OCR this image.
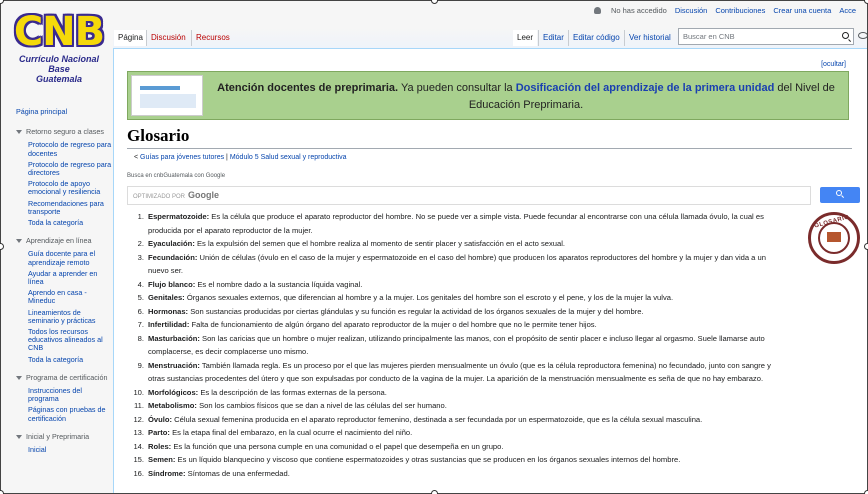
No has accedido Discusión Contribuciones Crear una cuenta Acce
CNB
Currículo Nacional Base
Guatemala
Página principal
Retorno seguro a clases
Protocolo de regreso para docentes
Protocolo de regreso para directores
Protocolo de apoyo emocional y resiliencia
Recomendaciones para transporte
Toda la categoría
Aprendizaje en línea
Guía docente para el aprendizaje remoto
Ayudar a aprender en línea
Aprendo en casa - Mineduc
Lineamientos de seminario y prácticas
Todos los recursos educativos alineados al CNB
Toda la categoría
Programa de certificación
Instrucciones del programa
Páginas con pruebas de certificación
Inicial y Preprimaria
Inicial
Página	Discusión	Recursos	Leer	Editar	Editar código	Ver historial	Buscar en CNB
[ocultar]
Atención docentes de preprimaria. Ya pueden consultar la Dosificación del aprendizaje de la primera unidad del Nivel de Educación Preprimaria.
Glosario
< Guías para jóvenes tutores | Módulo 5 Salud sexual y reproductiva
Busca en cnbGuatemala con Google
OPTIMIZADO POR Google
GLOSARIO
1. Espermatozoide: Es la célula que produce el aparato reproductor del hombre. No se puede ver a simple vista. Puede fecundar al encontrarse con una célula llamada óvulo, la cual es producida por el aparato reproductor de la mujer.
2. Eyaculación: Es la expulsión del semen que el hombre realiza al momento de sentir placer y satisfacción en el acto sexual.
3. Fecundación: Unión de células (óvulo en el caso de la mujer y espermatozoide en el caso del hombre) que producen los aparatos reproductores del hombre y la mujer y dan vida a un nuevo ser.
4. Flujo blanco: Es el nombre dado a la sustancia líquida vaginal.
5. Genitales: Órganos sexuales externos, que diferencian al hombre y a la mujer. Los genitales del hombre son el escroto y el pene, y los de la mujer la vulva.
6. Hormonas: Son sustancias producidas por ciertas glándulas y su función es regular la actividad de los órganos sexuales de la mujer y del hombre.
7. Infertilidad: Falta de funcionamiento de algún órgano del aparato reproductor de la mujer o del hombre que no le permite tener hijos.
8. Masturbación: Son las caricias que un hombre o mujer realizan, utilizando principalmente las manos, con el propósito de sentir placer e incluso llegar al orgasmo. Suele llamarse auto complacerse, es decir complacerse uno mismo.
9. Menstruación: También llamada regla. Es un proceso por el que las mujeres pierden mensualmente un óvulo (que es la célula reproductora femenina) no fecundado, junto con sangre y otras sustancias procedentes del útero y que son expulsadas por conducto de la vagina de la mujer. La aparición de la menstruación mensualmente es seña de que no hay embarazo.
10. Morfológicos: Es la descripción de las formas externas de la persona.
11. Metabolismo: Son los cambios físicos que se dan a nivel de las células del ser humano.
12. Óvulo: Célula sexual femenina producida en el aparato reproductor femenino, destinada a ser fecundada por un espermatozoide, que es la célula sexual masculina.
13. Parto: Es la etapa final del embarazo, en la cual ocurre el nacimiento del niño.
14. Roles: Es la función que una persona cumple en una comunidad o el papel que desempeña en un grupo.
15. Semen: Es un líquido blanquecino y viscoso que contiene espermatozoides y otras sustancias que se producen en los órganos sexuales internos del hombre.
16. Síndrome: Síntomas de una enfermedad.
